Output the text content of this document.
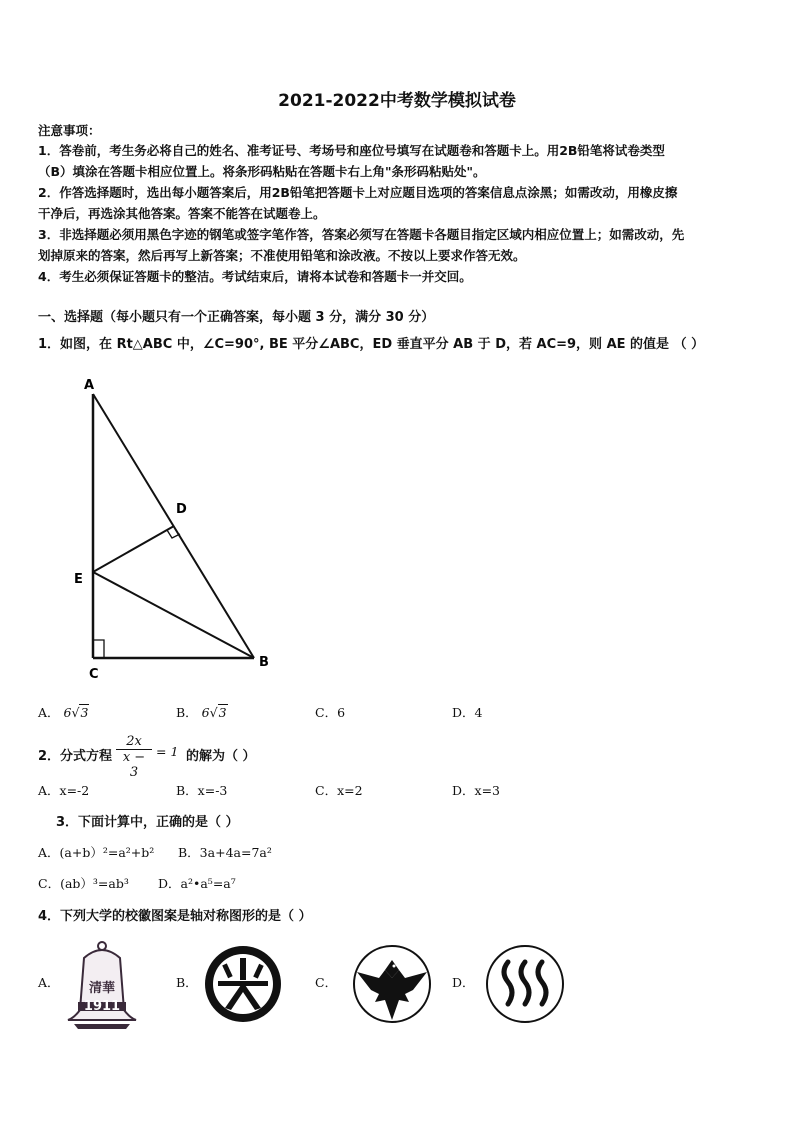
2021-2022中考数学模拟试卷
注意事项：
1．答卷前，考生务必将自己的姓名、准考证号、考场号和座位号填写在试题卷和答题卡上。用2B铅笔将试卷类型
（B）填涂在答题卡相应位置上。将条形码粘贴在答题卡右上角"条形码粘贴处"。
2．作答选择题时，选出每小题答案后，用2B铅笔把答题卡上对应题目选项的答案信息点涂黑；如需改动，用橡皮擦
干净后，再选涂其他答案。答案不能答在试题卷上。
3．非选择题必须用黑色字迹的钢笔或签字笔作答，答案必须写在答题卡各题目指定区域内相应位置上；如需改动，先
划掉原来的答案，然后再写上新答案；不准使用铅笔和涂改液。不按以上要求作答无效。
4．考生必须保证答题卡的整洁。考试结束后，请将本试卷和答题卡一并交回。
一、选择题（每小题只有一个正确答案，每小题 3 分，满分 30 分）
1．如图，在 Rt△ABC 中，∠C=90°, BE 平分∠ABC，ED 垂直平分 AB 于 D，若 AC=9，则 AE 的值是 （ ）
A
D
E
C
B
A． 6√3	B． 6√3	C．6	D．4
2．分式方程
2x
x − 3
= 1 的解为（ ）
A．x=-2	B．x=-3	C．x=2	D．x=3
3．下面计算中，正确的是（ ）
A．(a+b）²=a²+b² B．3a+4a=7a²
C．(ab）³=ab³ D．a²•a⁵=a⁷
4．下列大学的校徽图案是轴对称图形的是（ ）
A．	B．	C．	D．
清華
1911
